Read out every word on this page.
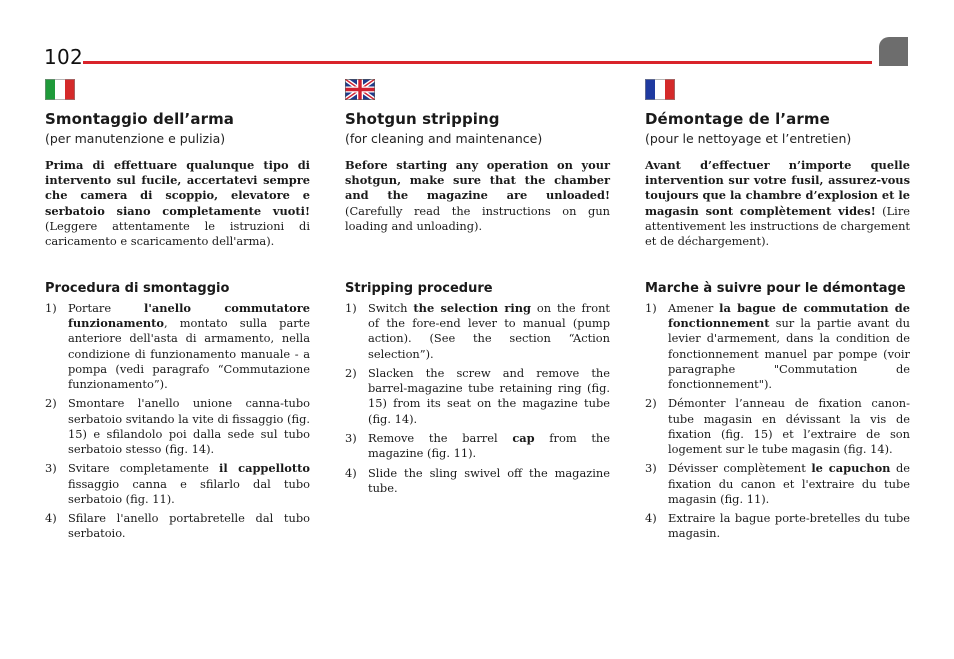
102
Smontaggio dell’arma
(per manutenzione e pulizia)

Prima di effettuare qualunque tipo di intervento sul fucile, accertatevi sempre che camera di scoppio, elevatore e serbatoio siano completamente vuoti! (Leggere attentamente le istruzioni di caricamento e scaricamento dell'arma).

Procedura di smontaggio
1) Portare l'anello commutatore funzionamento, montato sulla parte anteriore dell'asta di armamento, nella condizione di funzionamento manuale - a pompa (vedi paragrafo “Commutazione funzionamento”).
2) Smontare l'anello unione canna-tubo serbatoio svitando la vite di fissaggio (fig. 15) e sfilandolo poi dalla sede sul tubo serbatoio stesso (fig. 14).
3) Svitare completamente il cappellotto fissaggio canna e sfilarlo dal tubo serbatoio (fig. 11).
4) Sfilare l'anello portabretelle dal tubo serbatoio.
Shotgun stripping
(for cleaning and maintenance)

Before starting any operation on your shotgun, make sure that the chamber and the magazine are unloaded! (Carefully read the instructions on gun loading and unloading).

Stripping procedure
1) Switch the selection ring on the front of the fore-end lever to manual (pump action). (See the section “Action selection”).
2) Slacken the screw and remove the barrel-magazine tube retaining ring (fig. 15) from its seat on the magazine tube (fig. 14).
3) Remove the barrel cap from the magazine (fig. 11).
4) Slide the sling swivel off the magazine tube.
Démontage de l’arme
(pour le nettoyage et l’entretien)

Avant d’effectuer n’importe quelle intervention sur votre fusil, assurez-vous toujours que la chambre d’explosion et le magasin sont complètement vides! (Lire attentivement les instructions de chargement et de déchargement).

Marche à suivre pour le démontage
1) Amener la bague de commutation de fonctionnement sur la partie avant du levier d'armement, dans la condition de fonctionnement manuel par pompe (voir paragraphe "Commutation de fonctionnement").
2) Démonter l’anneau de fixation canon-tube magasin en dévissant la vis de fixation (fig. 15) et l’extraire de son logement sur le tube magasin (fig. 14).
3) Dévisser complètement le capuchon de fixation du canon et l'extraire du tube magasin (fig. 11).
4) Extraire la bague porte-bretelles du tube magasin.
